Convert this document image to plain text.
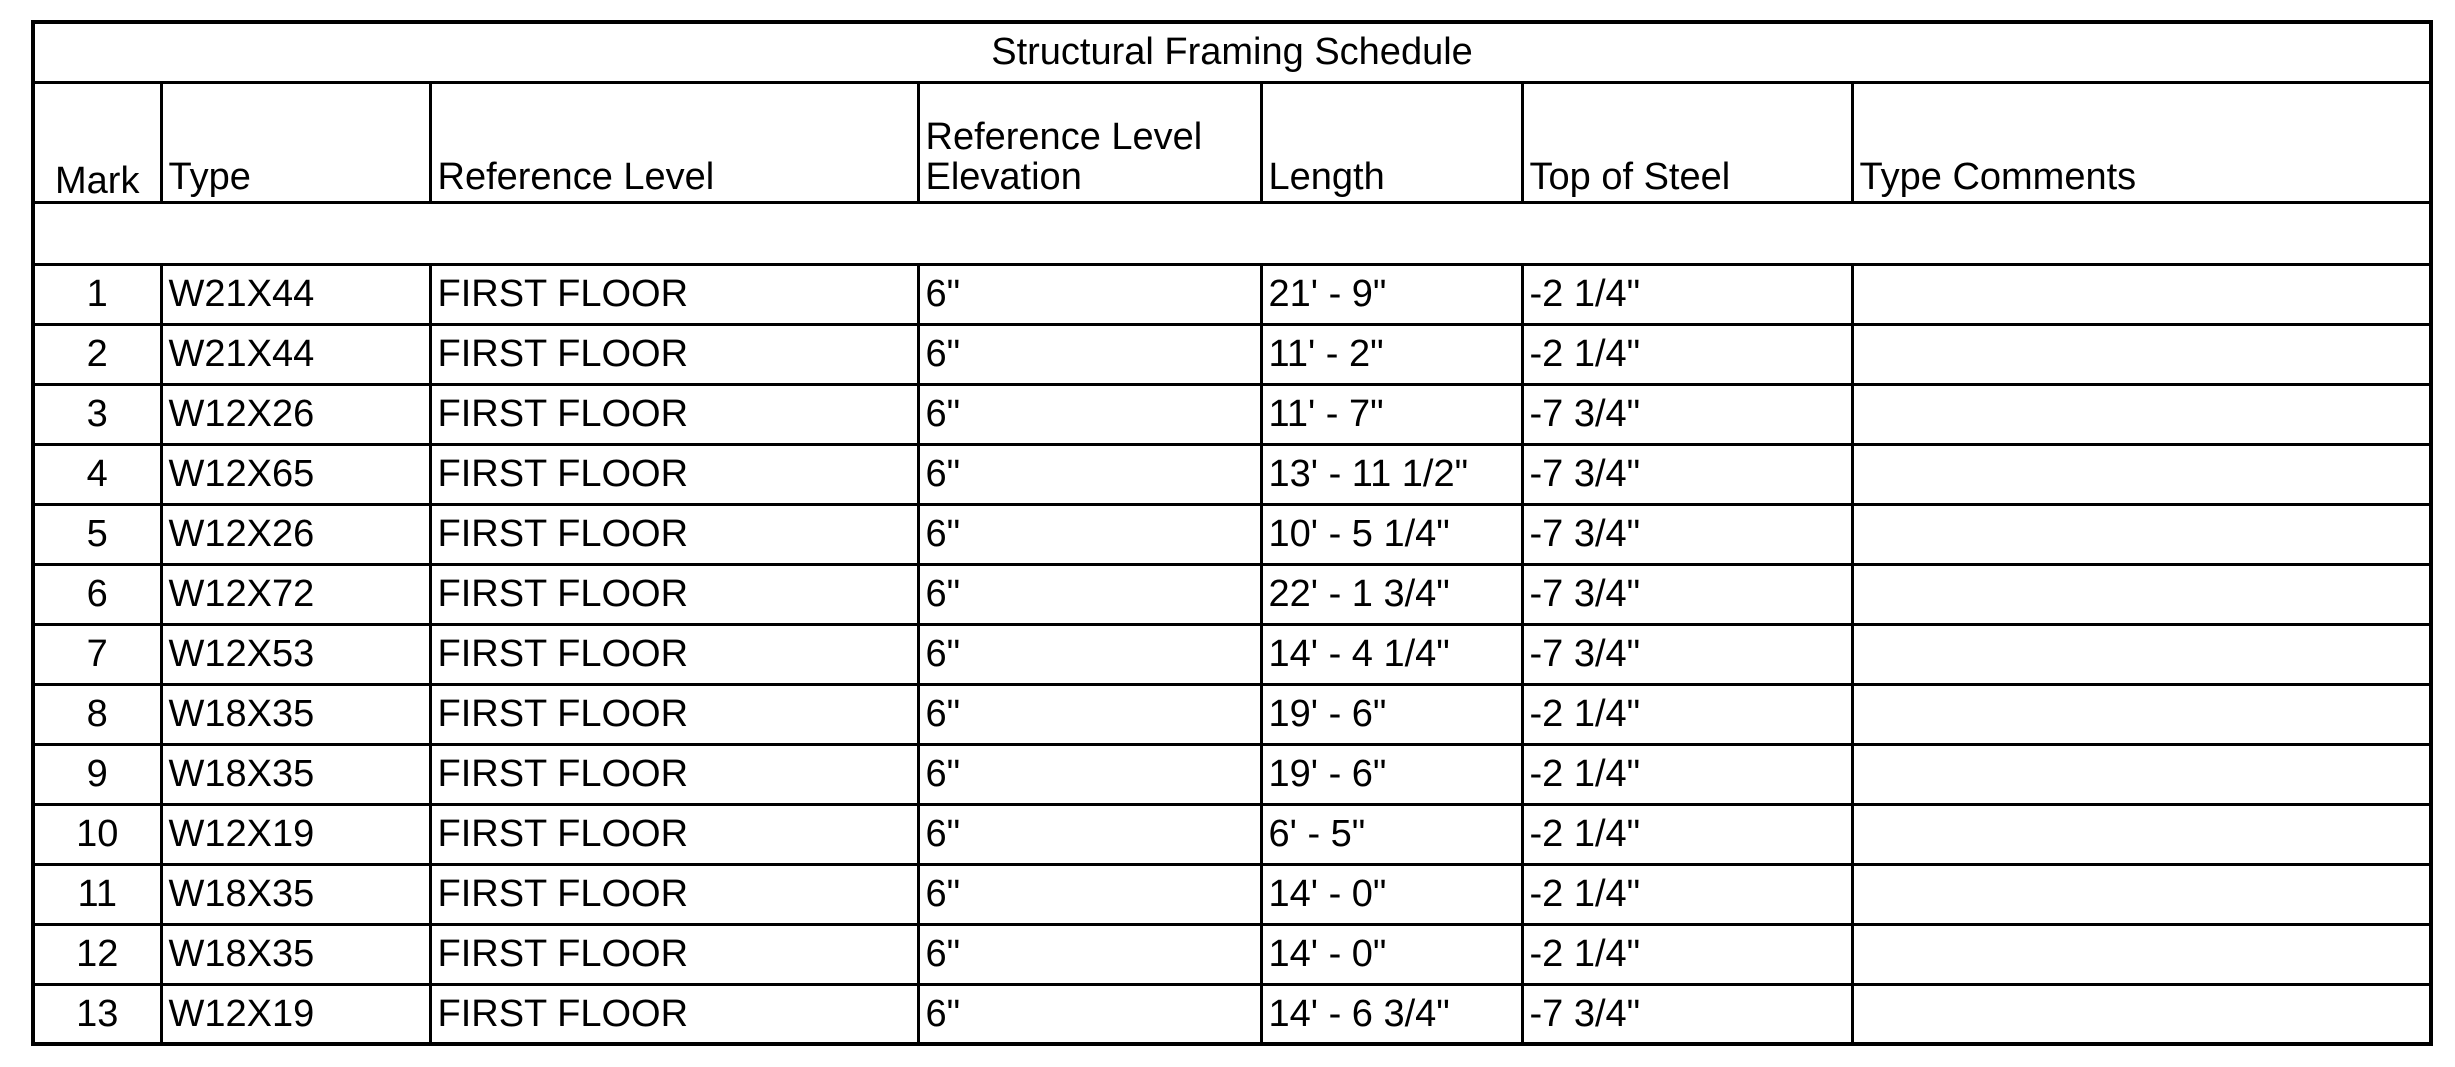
Structural Framing Schedule						
Mark	Type	Reference Level	Reference Level Elevation	Length	Top of Steel	Type Comments

1	W21X44	FIRST FLOOR	6"	21' - 9"	-2 1/4"	
2	W21X44	FIRST FLOOR	6"	11' - 2"	-2 1/4"	
3	W12X26	FIRST FLOOR	6"	11' - 7"	-7 3/4"	
4	W12X65	FIRST FLOOR	6"	13' - 11 1/2"	-7 3/4"	
5	W12X26	FIRST FLOOR	6"	10' - 5 1/4"	-7 3/4"	
6	W12X72	FIRST FLOOR	6"	22' - 1 3/4"	-7 3/4"	
7	W12X53	FIRST FLOOR	6"	14' - 4 1/4"	-7 3/4"	
8	W18X35	FIRST FLOOR	6"	19' - 6"	-2 1/4"	
9	W18X35	FIRST FLOOR	6"	19' - 6"	-2 1/4"	
10	W12X19	FIRST FLOOR	6"	6' - 5"	-2 1/4"	
11	W18X35	FIRST FLOOR	6"	14' - 0"	-2 1/4"	
12	W18X35	FIRST FLOOR	6"	14' - 0"	-2 1/4"	
13	W12X19	FIRST FLOOR	6"	14' - 6 3/4"	-7 3/4"	
